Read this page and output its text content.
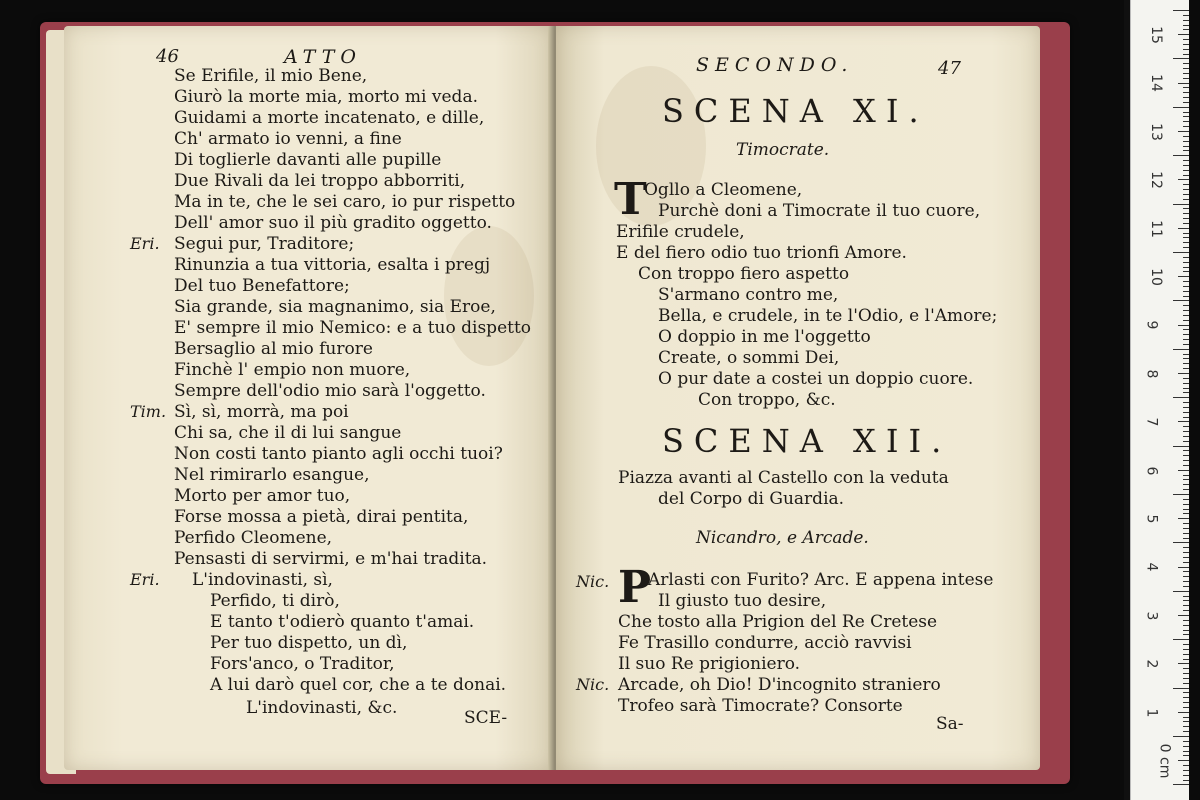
46	ATTO
Se Erifile, il mio Bene,
Giurò la morte mia, morto mi veda.
Guidami a morte incatenato, e dille,
Ch' armato io venni, a fine
Di toglierle davanti alle pupille
Due Rivali da lei troppo abborriti,
Ma in te, che le sei caro, io pur rispetto
Dell' amor suo il più gradito oggetto.
Eri. Segui pur, Traditore;
Rinunzia a tua vittoria, esalta i pregj
Del tuo Benefattore;
Sia grande, sia magnanimo, sia Eroe,
E' sempre il mio Nemico: e a tuo dispetto
Bersaglio al mio furore
Finchè l' empio non muore,
Sempre dell'odio mio sarà l'oggetto.
Tim. Sì, sì, morrà, ma poi
Chi sa, che il di lui sangue
Non costi tanto pianto agli occhi tuoi?
Nel rimirarlo esangue,
Morto per amor tuo,
Forse mossa a pietà, dirai pentita,
Perfido Cleomene,
Pensasti di servirmi, e m'hai tradita.
Eri. L'indovinasti, sì,
Perfido, ti dirò,
E tanto t'odierò quanto t'amai.
Per tuo dispetto, un dì,
Fors'anco, o Traditor,
A lui darò quel cor, che a te donai.
L'indovinasti, &c.	SCE-
SECONDO.	47
SCENA XI.
Timocrate.
T
Ogllo a Cleomene,
Purchè doni a Timocrate il tuo cuore,
Erifile crudele,
E del fiero odio tuo trionfi Amore.
Con troppo fiero aspetto
S'armano contro me,
Bella, e crudele, in te l'Odio, e l'Amore;
O doppio in me l'oggetto
Create, o sommi Dei,
O pur date a costei un doppio cuore.
Con troppo, &c.
SCENA XII.
Piazza avanti al Castello con la veduta
del Corpo di Guardia.
Nicandro, e Arcade.
Nic. P
Arlasti con Furito? Arc. E appena intese
Il giusto tuo desire,
Che tosto alla Prigion del Re Cretese
Fe Trasillo condurre, acciò ravvisi
Il suo Re prigioniero.
Nic. Arcade, oh Dio! D'incognito straniero
Trofeo sarà Timocrate? Consorte
Sa-
15
14
13
12
11
10
9
8
7
6
5
4
3
2
1
0 cm
